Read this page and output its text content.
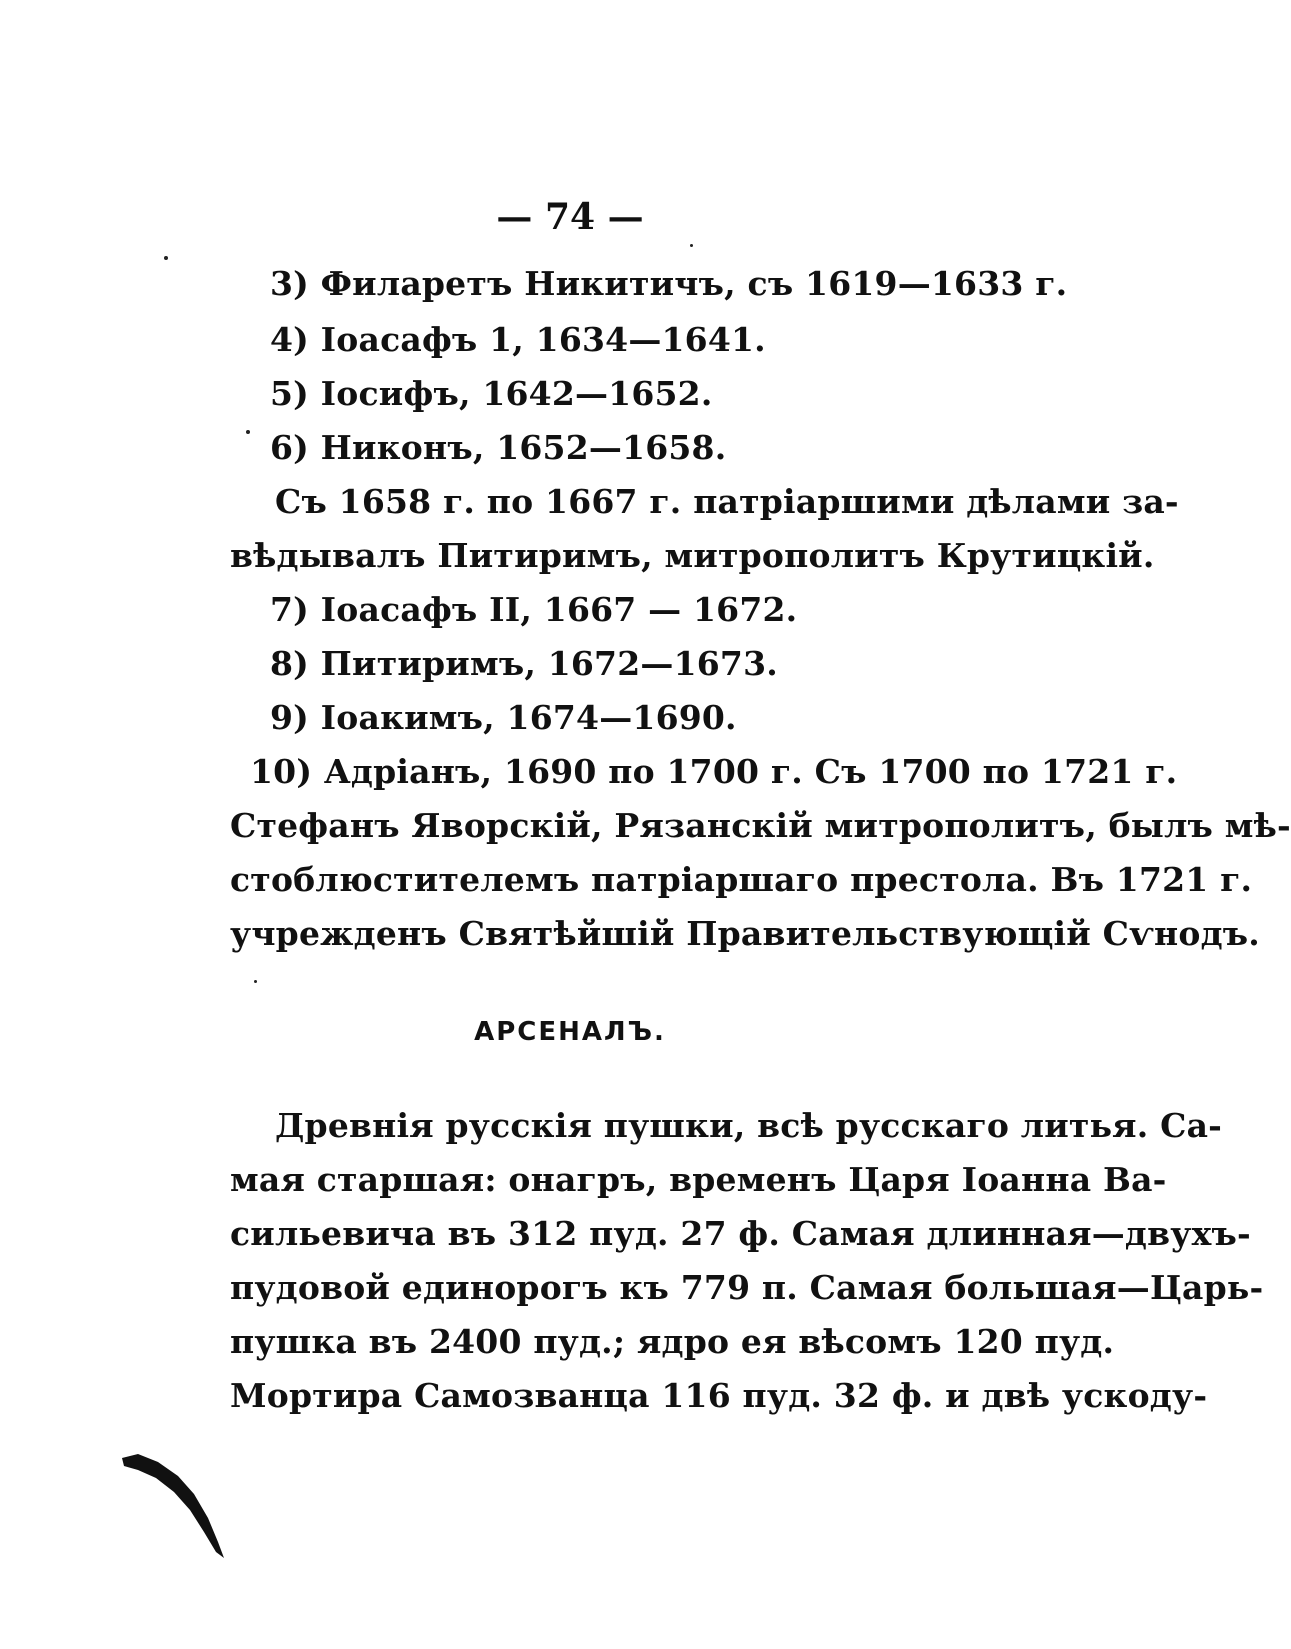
— 74 —
3) Филаретъ Никитичъ, съ 1619—1633 г.
4) Іоасафъ 1, 1634—1641.
5) Іосифъ, 1642—1652.
6) Никонъ, 1652—1658.
Съ 1658 г. по 1667 г. патріаршими дѣлами за-
вѣдывалъ Питиримъ, митрополитъ Крутицкій.
7) Іоасафъ II, 1667 — 1672.
8) Питиримъ, 1672—1673.
9) Іоакимъ, 1674—1690.
10) Адріанъ, 1690 по 1700 г. Съ 1700 по 1721 г.
Стефанъ Яворскій, Рязанскій митрополитъ, былъ мѣ-
стоблюстителемъ патріаршаго престола. Въ 1721 г.
учрежденъ Святѣйшій Правительствующій Сѵнодъ.
АРСЕНАЛЪ.
Древнія русскія пушки, всѣ русскаго литья. Са-
мая старшая: онагръ, временъ Царя Іоанна Ва-
сильевича въ 312 пуд. 27 ф. Самая длинная—двухъ-
пудовой единорогъ къ 779 п. Самая большая—Царь-
пушка въ 2400 пуд.; ядро ея вѣсомъ 120 пуд.
Мортира Самозванца 116 пуд. 32 ф. и двѣ ускоду-
